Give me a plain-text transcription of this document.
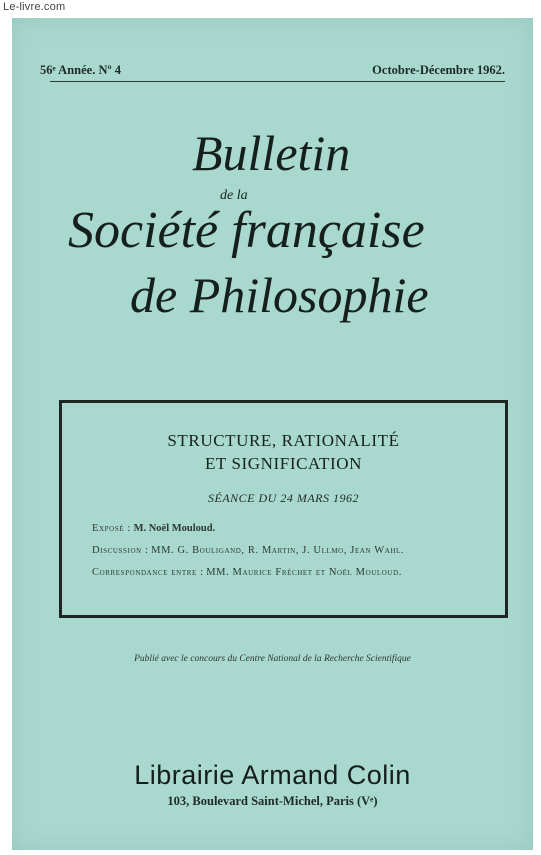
Le-livre.com
56ᵉ Année. Nº 4	Octobre-Décembre 1962.
Bulletin
de la
Société française
de Philosophie
STRUCTURE, RATIONALITÉ
ET SIGNIFICATION
SÉANCE DU 24 MARS 1962
Exposé : M. Noël Mouloud.
Discussion : MM. G. Bouligand, R. Martin, J. Ullmo, Jean Wahl.
Correspondance entre : MM. Maurice Fréchet et Noël Mouloud.
Publié avec le concours du Centre National de la Recherche Scientifique
Librairie Armand Colin
103, Boulevard Saint-Michel, Paris (Vᵉ)
